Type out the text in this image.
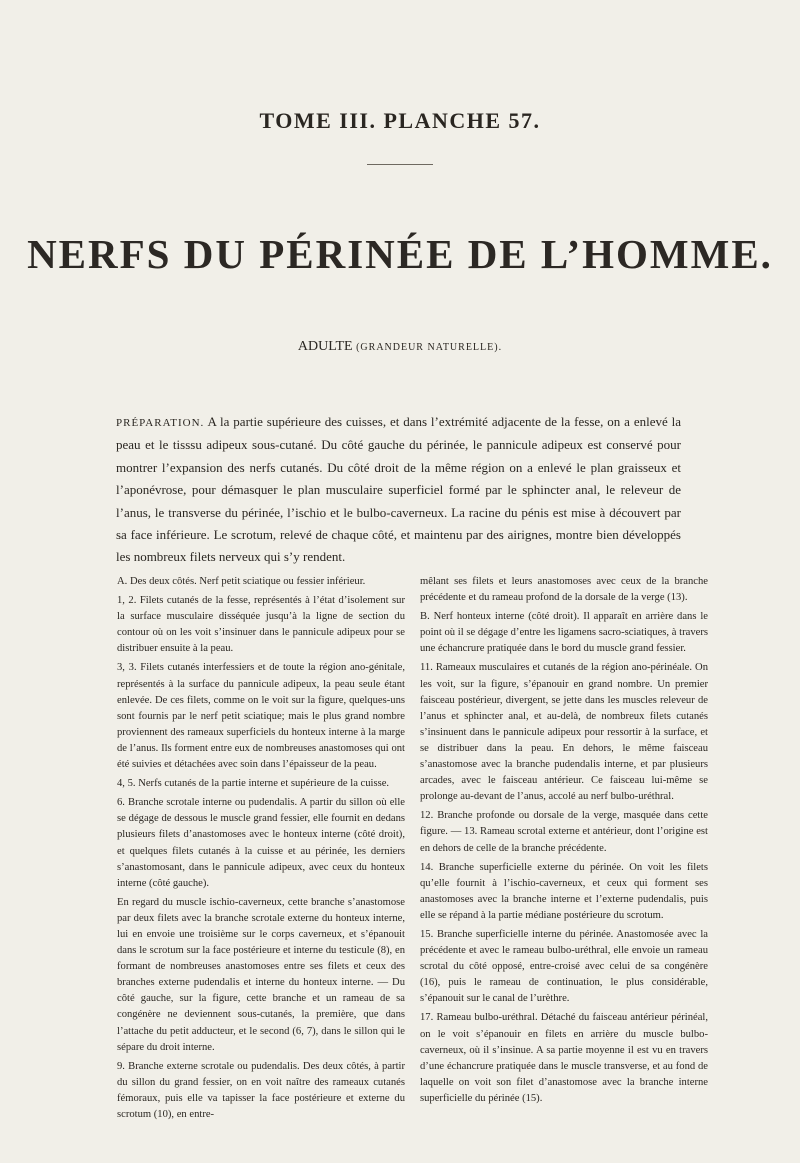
TOME III. PLANCHE 57.
NERFS DU PÉRINÉE DE L’HOMME.
ADULTE (GRANDEUR NATURELLE).
PRÉPARATION. A la partie supérieure des cuisses, et dans l’extrémité adjacente de la fesse, on a enlevé la peau et le tisssu adipeux sous-cutané. Du côté gauche du périnée, le pannicule adipeux est conservé pour montrer l’expansion des nerfs cutanés. Du côté droit de la même région on a enlevé le plan graisseux et l’aponévrose, pour démasquer le plan musculaire superficiel formé par le sphincter anal, le releveur de l’anus, le transverse du périnée, l’ischio et le bulbo-caverneux. La racine du pénis est mise à découvert par sa face inférieure. Le scrotum, relevé de chaque côté, et maintenu par des airignes, montre bien développés les nombreux filets nerveux qui s’y rendent.

A. Des deux côtés. Nerf petit sciatique ou fessier inférieur.

1, 2. Filets cutanés de la fesse, représentés à l’état d’isolement sur la surface musculaire disséquée jusqu’à la ligne de section du contour où on les voit s’insinuer dans le pannicule adipeux pour se distribuer ensuite à la peau.

3, 3. Filets cutanés interfessiers et de toute la région ano-génitale, représentés à la surface du pannicule adipeux, la peau seule étant enlevée. De ces filets, comme on le voit sur la figure, quelques-uns sont fournis par le nerf petit sciatique; mais le plus grand nombre proviennent des rameaux superficiels du honteux interne à la marge de l’anus. Ils forment entre eux de nombreuses anastomoses qui ont été suivies et détachées avec soin dans l’épaisseur de la peau.

4, 5. Nerfs cutanés de la partie interne et supérieure de la cuisse.

6. Branche scrotale interne ou pudendalis. A partir du sillon où elle se dégage de dessous le muscle grand fessier, elle fournit en dedans plusieurs filets d’anastomoses avec le honteux interne (côté droit), et quelques filets cutanés à la cuisse et au périnée, les derniers s’anastomosant, dans le pannicule adipeux, avec ceux du honteux interne (côté gauche).

En regard du muscle ischio-caverneux, cette branche s’anastomose par deux filets avec la branche scrotale externe du honteux interne, lui en envoie une troisième sur le corps caverneux, et s’épanouit dans le scrotum sur la face postérieure et interne du testicule (8), en formant de nombreuses anastomoses entre ses filets et ceux des branches externe pudendalis et interne du honteux interne. — Du côté gauche, sur la figure, cette branche et un rameau de sa congénère ne deviennent sous-cutanés, la première, que dans l’attache du petit adducteur, et le second (6, 7), dans le sillon qui le sépare du droit interne.

9. Branche externe scrotale ou pudendalis. Des deux côtés, à partir du sillon du grand fessier, on en voit naître des rameaux cutanés fémoraux, puis elle va tapisser la face postérieure et externe du scrotum (10), en entre-

mêlant ses filets et leurs anastomoses avec ceux de la branche précédente et du rameau profond de la dorsale de la verge (13).

B. Nerf honteux interne (côté droit). Il apparaît en arrière dans le point où il se dégage d’entre les ligamens sacro-sciatiques, à travers une échancrure pratiquée dans le bord du muscle grand fessier.

11. Rameaux musculaires et cutanés de la région ano-périnéale. On les voit, sur la figure, s’épanouir en grand nombre. Un premier faisceau postérieur, divergent, se jette dans les muscles releveur de l’anus et sphincter anal, et au-delà, de nombreux filets cutanés s’insinuent dans le pannicule adipeux pour ressortir à la surface, et se distribuer dans la peau. En dehors, le même faisceau s’anastomose avec la branche pudendalis interne, et par plusieurs arcades, avec le faisceau antérieur. Ce faisceau lui-même se prolonge au-devant de l’anus, accolé au nerf bulbo-uréthral.

12. Branche profonde ou dorsale de la verge, masquée dans cette figure. — 13. Rameau scrotal externe et antérieur, dont l’origine est en dehors de celle de la branche précédente.

14. Branche superficielle externe du périnée. On voit les filets qu’elle fournit à l’ischio-caverneux, et ceux qui forment ses anastomoses avec la branche interne et l’externe pudendalis, puis elle se répand à la partie médiane postérieure du scrotum.

15. Branche superficielle interne du périnée. Anastomosée avec la précédente et avec le rameau bulbo-uréthral, elle envoie un rameau scrotal du côté opposé, entre-croisé avec celui de sa congénère (16), puis le rameau de continuation, le plus considérable, s’épanouit sur le canal de l’urèthre.

17. Rameau bulbo-uréthral. Détaché du faisceau antérieur périnéal, on le voit s’épanouir en filets en arrière du muscle bulbo-caverneux, où il s’insinue. A sa partie moyenne il est vu en travers d’une échancrure pratiquée dans le muscle transverse, et au fond de laquelle on voit son filet d’anastomose avec la branche interne superficielle du périnée (15).
